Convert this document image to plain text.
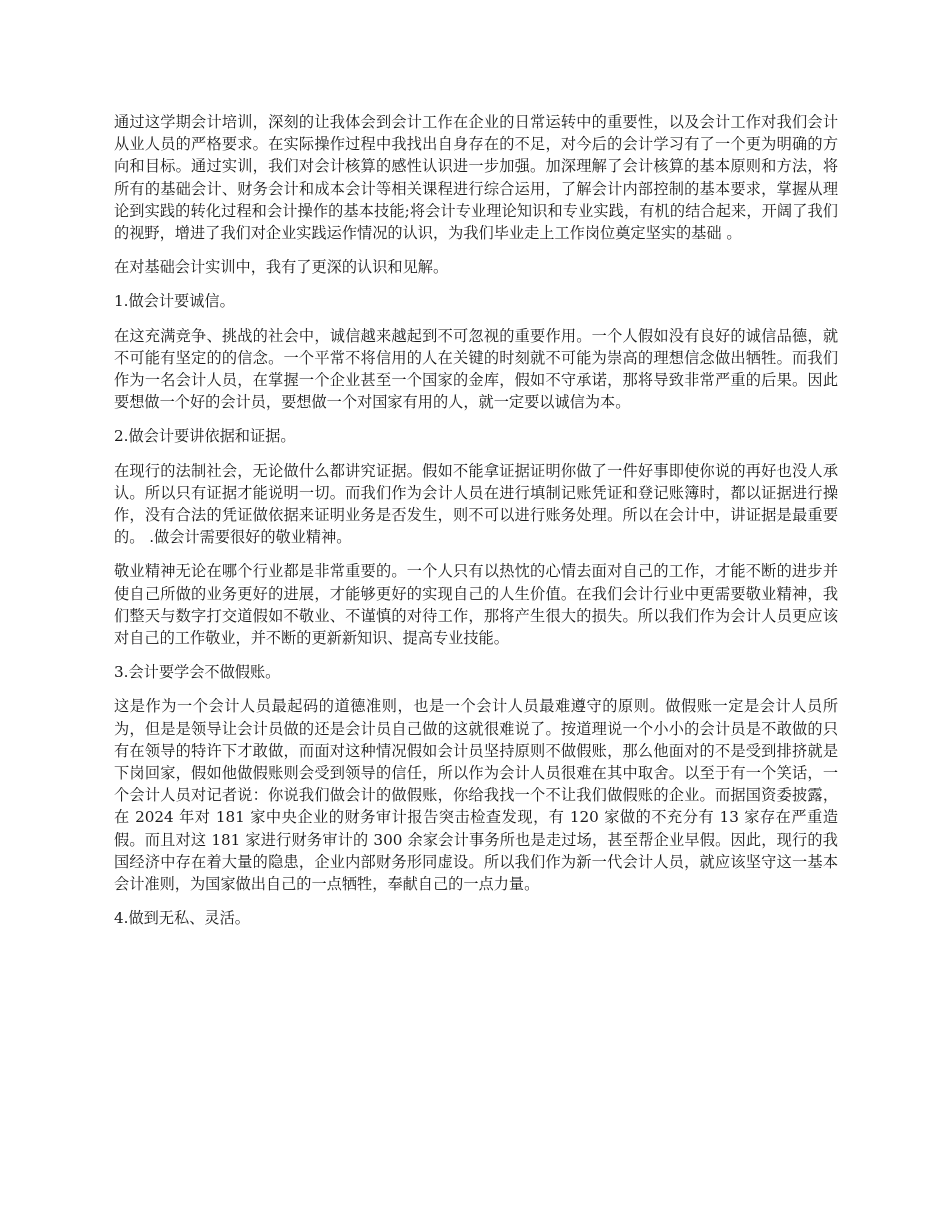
通过这学期会计培训，深刻的让我体会到会计工作在企业的日常运转中的重要性，以及会计工作对我们会计从业人员的严格要求。在实际操作过程中我找出自身存在的不足，对今后的会计学习有了一个更为明确的方向和目标。通过实训，我们对会计核算的感性认识进一步加强。加深理解了会计核算的基本原则和方法，将所有的基础会计、财务会计和成本会计等相关课程进行综合运用，了解会计内部控制的基本要求，掌握从理论到实践的转化过程和会计操作的基本技能;将会计专业理论知识和专业实践，有机的结合起来，开阔了我们的视野，增进了我们对企业实践运作情况的认识，为我们毕业走上工作岗位奠定坚实的基础 。

在对基础会计实训中，我有了更深的认识和见解。

1.做会计要诚信。

在这充满竞争、挑战的社会中，诚信越来越起到不可忽视的重要作用。一个人假如没有良好的诚信品德，就不可能有坚定的的信念。一个平常不将信用的人在关键的时刻就不可能为崇高的理想信念做出牺牲。而我们作为一名会计人员，在掌握一个企业甚至一个国家的金库，假如不守承诺，那将导致非常严重的后果。因此要想做一个好的会计员，要想做一个对国家有用的人，就一定要以诚信为本。

2.做会计要讲依据和证据。

在现行的法制社会，无论做什么都讲究证据。假如不能拿证据证明你做了一件好事即使你说的再好也没人承认。所以只有证据才能说明一切。而我们作为会计人员在进行填制记账凭证和登记账簿时，都以证据进行操作，没有合法的凭证做依据来证明业务是否发生，则不可以进行账务处理。所以在会计中，讲证据是最重要的。 .做会计需要很好的敬业精神。

敬业精神无论在哪个行业都是非常重要的。一个人只有以热忱的心情去面对自己的工作，才能不断的进步并使自己所做的业务更好的进展，才能够更好的实现自己的人生价值。在我们会计行业中更需要敬业精神，我们整天与数字打交道假如不敬业、不谨慎的对待工作，那将产生很大的损失。所以我们作为会计人员更应该对自己的工作敬业，并不断的更新新知识、提高专业技能。

3.会计要学会不做假账。

这是作为一个会计人员最起码的道德准则，也是一个会计人员最难遵守的原则。做假账一定是会计人员所为，但是是领导让会计员做的还是会计员自己做的这就很难说了。按道理说一个小小的会计员是不敢做的只有在领导的特许下才敢做，而面对这种情况假如会计员坚持原则不做假账，那么他面对的不是受到排挤就是下岗回家，假如他做假账则会受到领导的信任，所以作为会计人员很难在其中取舍。以至于有一个笑话，一个会计人员对记者说：你说我们做会计的做假账，你给我找一个不让我们做假账的企业。而据国资委披露，在 2024 年对 181 家中央企业的财务审计报告突击检查发现，有 120 家做的不充分有 13 家存在严重造假。而且对这 181 家进行财务审计的 300 余家会计事务所也是走过场，甚至帮企业早假。因此，现行的我国经济中存在着大量的隐患，企业内部财务形同虚设。所以我们作为新一代会计人员，就应该坚守这一基本会计准则，为国家做出自己的一点牺牲，奉献自己的一点力量。

4.做到无私、灵活。
